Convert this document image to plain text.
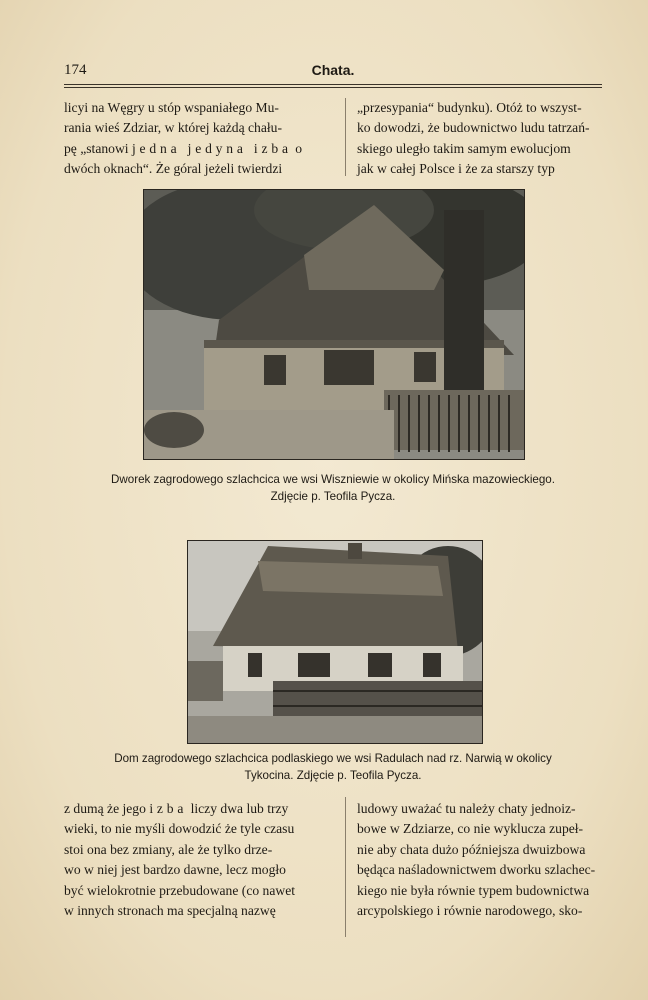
174	Chata.

licyi na Węgry u stóp wspaniałego Mu-

rania wieś Zdziar, w której każdą chału-

pę „stanowi jedna jedyna izba o

dwóch oknach“. Że góral jeżeli twierdzi

„przesypania“ budynku). Otóż to wszyst-

ko dowodzi, że budownictwo ludu tatrzań-

skiego uległo takim samym ewolucjom

jak w całej Polsce i że za starszy typ

Dworek zagrodowego szlachcica we wsi Wiszniewie w okolicy Mińska mazowieckiego.
Zdjęcie p. Teofila Pycza.
Dom zagrodowego szlachcica podlaskiego we wsi Radulach nad rz. Narwią w okolicy
Tykocina. Zdjęcie p. Teofila Pycza.

z dumą że jego izba liczy dwa lub trzy

wieki, to nie myśli dowodzić że tyle czasu

stoi ona bez zmiany, ale że tylko drze-

wo w niej jest bardzo dawne, lecz mogło

być wielokrotnie przebudowane (co nawet

w innych stronach ma specjalną nazwę

ludowy uważać tu należy chaty jednoiz-

bowe w Zdziarze, co nie wyklucza zupeł-

nie aby chata dużo późniejsza dwuizbowa

będąca naśladownictwem dworku szlachec-

kiego nie była równie typem budownictwa

arcypolskiego i równie narodowego, sko-
